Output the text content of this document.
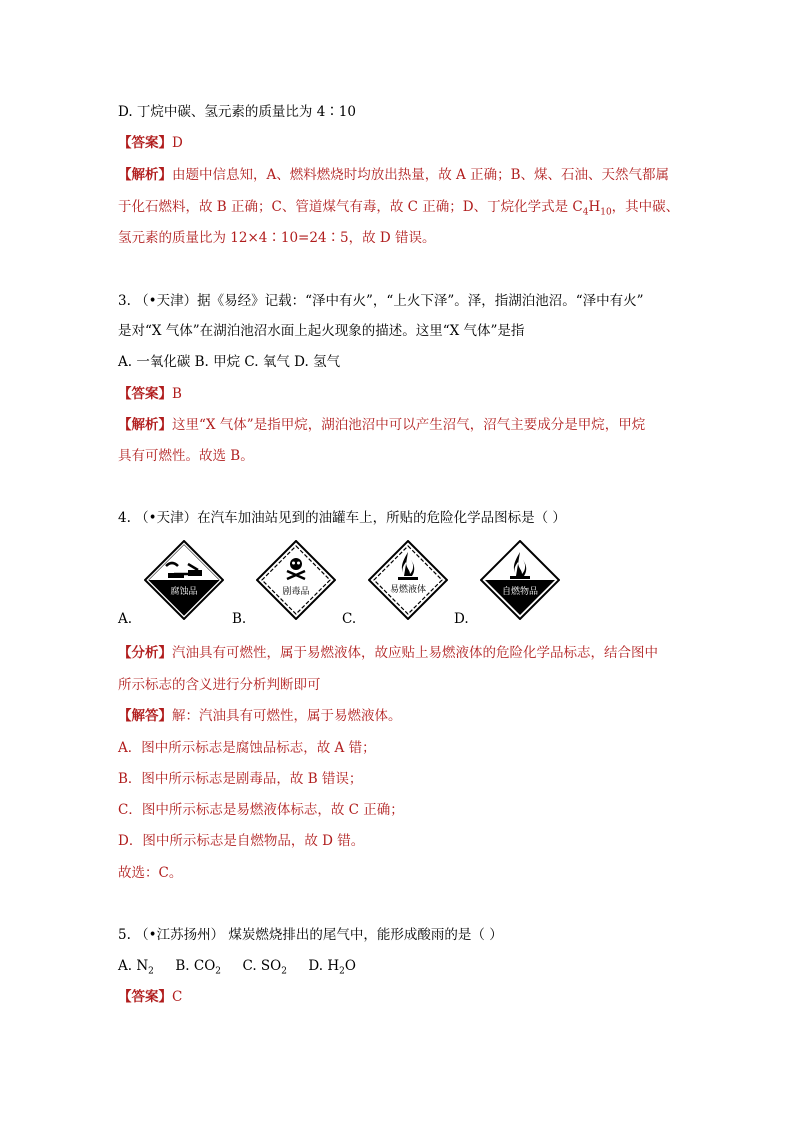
D. 丁烷中碳、氢元素的质量比为 4∶10
【答案】D
【解析】由题中信息知，A、燃料燃烧时均放出热量，故 A 正确；B、煤、石油、天然气都属
于化石燃料，故 B 正确；C、管道煤气有毒，故 C 正确；D、丁烷化学式是 $C_4H_{10}$，其中碳、
氢元素的质量比为 12×4∶10=24∶5，故 D 错误。
3. （•天津）据《易经》记载：“泽中有火”，“上火下泽”。泽，指湖泊池沼。“泽中有火”
是对“X 气体”在湖泊池沼水面上起火现象的描述。这里“X 气体”是指
A. 一氧化碳 B. 甲烷 C. 氧气 D. 氢气
【答案】B
【解析】这里“X 气体”是指甲烷，湖泊池沼中可以产生沼气，沼气主要成分是甲烷，甲烷
具有可燃性。故选 B。
4. （•天津）在汽车加油站见到的油罐车上，所贴的危险化学品图标是（ ）
腐蚀品	剧毒品	易燃液体	自燃物品
A.	B.	C.	D.
【分析】汽油具有可燃性，属于易燃液体，故应贴上易燃液体的危险化学品标志，结合图中
所示标志的含义进行分析判断即可
【解答】解：汽油具有可燃性，属于易燃液体。
A．图中所示标志是腐蚀品标志，故 A 错；
B．图中所示标志是剧毒品，故 B 错误；
C．图中所示标志是易燃液体标志，故 C 正确；
D．图中所示标志是自燃物品，故 D 错。
故选：C。
5. （•江苏扬州） 煤炭燃烧排出的尾气中，能形成酸雨的是（ ）
A. $N_2$ B. $CO_2$ C. $SO_2$ D. $H_2O$
【答案】C
